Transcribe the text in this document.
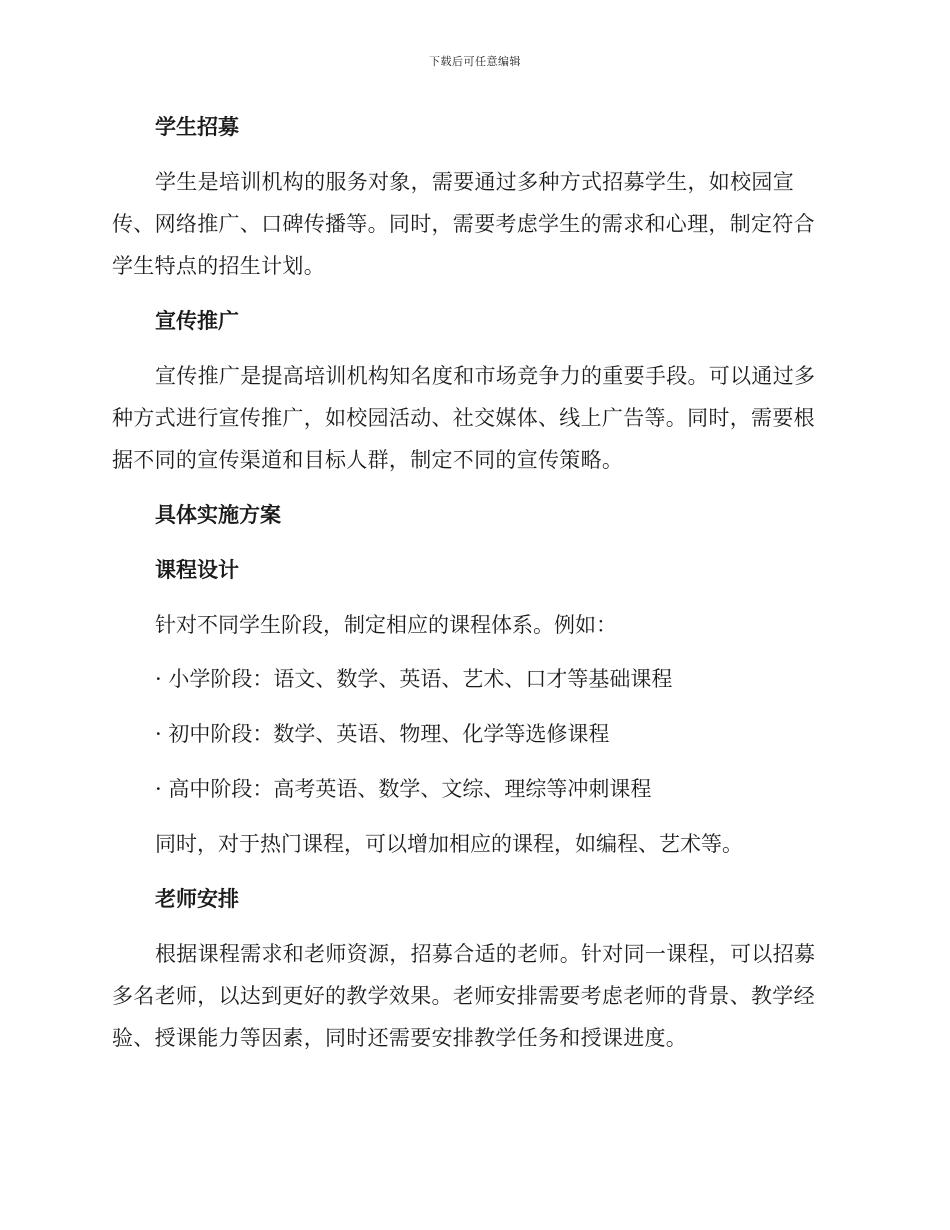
下载后可任意编辑
学生招募
学生是培训机构的服务对象，需要通过多种方式招募学生，如校园宣传、网络推广、口碑传播等。同时，需要考虑学生的需求和心理，制定符合学生特点的招生计划。
宣传推广
宣传推广是提高培训机构知名度和市场竞争力的重要手段。可以通过多种方式进行宣传推广，如校园活动、社交媒体、线上广告等。同时，需要根据不同的宣传渠道和目标人群，制定不同的宣传策略。
具体实施方案
课程设计
针对不同学生阶段，制定相应的课程体系。例如：
· 小学阶段：语文、数学、英语、艺术、口才等基础课程
· 初中阶段：数学、英语、物理、化学等选修课程
· 高中阶段：高考英语、数学、文综、理综等冲刺课程
同时，对于热门课程，可以增加相应的课程，如编程、艺术等。
老师安排
根据课程需求和老师资源，招募合适的老师。针对同一课程，可以招募多名老师，以达到更好的教学效果。老师安排需要考虑老师的背景、教学经验、授课能力等因素，同时还需要安排教学任务和授课进度。
